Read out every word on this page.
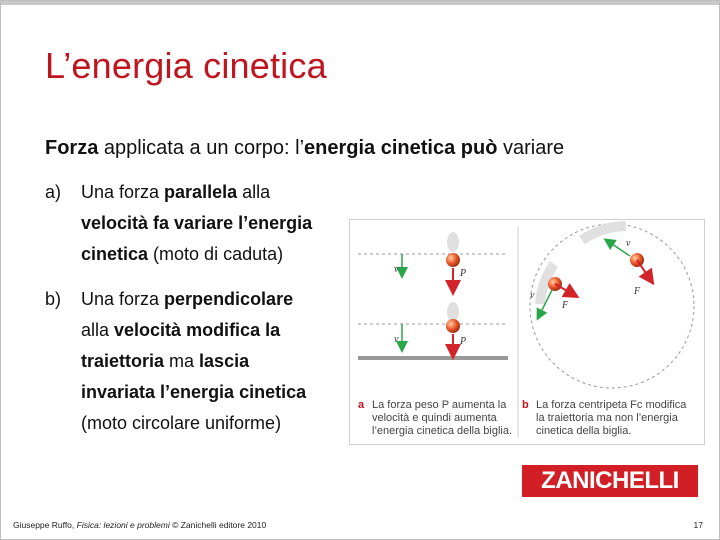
L’energia cinetica
Forza applicata a un corpo: l’energia cinetica può variare
a) Una forza parallela alla
velocità fa variare l’energia
cinetica (moto di caduta)
b) Una forza perpendicolare
alla velocità modifica la
traiettoria ma lascia
invariata l’energia cinetica
(moto circolare uniforme)
v	P
v	P
v
F
v
F
a La forza peso P aumenta la
velocità e quindi aumenta
l’energia cinetica della biglia.
b La forza centripeta Fc modifica
la traiettoria ma non l’energia
cinetica della biglia.
ZANICHELLI
Giuseppe Ruffo, Fisica: lezioni e problemi © Zanichelli editore 2010	17
